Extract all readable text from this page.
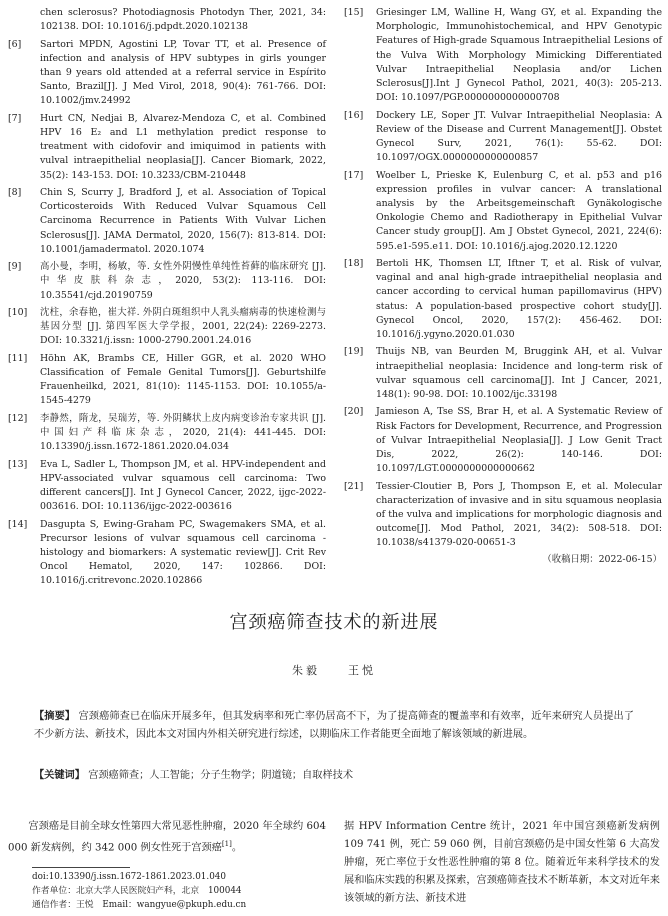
chen sclerosus? Photodiagnosis Photodyn Ther, 2021, 34: 102138. DOI: 10.1016/j.pdpdt.2020.102138
[6]	Sartori MPDN, Agostini LP, Tovar TT, et al. Presence of infection and analysis of HPV subtypes in girls younger than 9 years old attended at a referral service in Espírito Santo, Brazil[J]. J Med Virol, 2018, 90(4): 761-766. DOI: 10.1002/jmv.24992
[7]	Hurt CN, Nedjai B, Alvarez-Mendoza C, et al. Combined HPV 16 E₂ and L1 methylation predict response to treatment with cidofovir and imiquimod in patients with vulval intraepithelial neoplasia[J]. Cancer Biomark, 2022, 35(2): 143-153. DOI: 10.3233/CBM-210448
[8]	Chin S, Scurry J, Bradford J, et al. Association of Topical Corticosteroids With Reduced Vulvar Squamous Cell Carcinoma Recurrence in Patients With Vulvar Lichen Sclerosus[J]. JAMA Dermatol, 2020, 156(7): 813-814. DOI: 10.1001/jamadermatol. 2020.1074
[9]	高小曼，李明，杨敏，等. 女性外阴慢性单纯性苔藓的临床研究 [J]. 中华皮肤科杂志，2020, 53(2): 113-116. DOI: 10.35541/cjd.20190759
[10]	沈柱，余春艳，崔大祥. 外阴白斑组织中人乳头瘤病毒的快速检测与基因分型 [J]. 第四军医大学学报，2001, 22(24): 2269-2273. DOI: 10.3321/j.issn: 1000-2790.2001.24.016
[11]	Höhn AK, Brambs CE, Hiller GGR, et al. 2020 WHO Classification of Female Genital Tumors[J]. Geburtshilfe Frauenheilkd, 2021, 81(10): 1145-1153. DOI: 10.1055/a-1545-4279
[12]	李静然，隋龙，吴瑞芳，等. 外阴鳞状上皮内病变诊治专家共识 [J]. 中国妇产科临床杂志，2020, 21(4): 441-445. DOI: 10.13390/j.issn.1672-1861.2020.04.034
[13]	Eva L, Sadler L, Thompson JM, et al. HPV-independent and HPV-associated vulvar squamous cell carcinoma: Two different cancers[J]. Int J Gynecol Cancer, 2022, ijgc-2022-003616. DOI: 10.1136/ijgc-2022-003616
[14]	Dasgupta S, Ewing-Graham PC, Swagemakers SMA, et al. Precursor lesions of vulvar squamous cell carcinoma - histology and biomarkers: A systematic review[J]. Crit Rev Oncol Hematol, 2020, 147: 102866. DOI: 10.1016/j.critrevonc.2020.102866
[15]	Griesinger LM, Walline H, Wang GY, et al. Expanding the Morphologic, Immunohistochemical, and HPV Genotypic Features of High-grade Squamous Intraepithelial Lesions of the Vulva With Morphology Mimicking Differentiated Vulvar Intraepithelial Neoplasia and/or Lichen Sclerosus[J].Int J Gynecol Pathol, 2021, 40(3): 205-213. DOI: 10.1097/PGP.0000000000000708
[16]	Dockery LE, Soper JT. Vulvar Intraepithelial Neoplasia: A Review of the Disease and Current Management[J]. Obstet Gynecol Surv, 2021, 76(1): 55-62. DOI: 10.1097/OGX.0000000000000857
[17]	Woelber L, Prieske K, Eulenburg C, et al. p53 and p16 expression profiles in vulvar cancer: A translational analysis by the Arbeitsgemeinschaft Gynäkologische Onkologie Chemo and Radiotherapy in Epithelial Vulvar Cancer study group[J]. Am J Obstet Gynecol, 2021, 224(6): 595.e1-595.e11. DOI: 10.1016/j.ajog.2020.12.1220
[18]	Bertoli HK, Thomsen LT, Iftner T, et al. Risk of vulvar, vaginal and anal high-grade intraepithelial neoplasia and cancer according to cervical human papillomavirus (HPV) status: A population-based prospective cohort study[J]. Gynecol Oncol, 2020, 157(2): 456-462. DOI: 10.1016/j.ygyno.2020.01.030
[19]	Thuijs NB, van Beurden M, Bruggink AH, et al. Vulvar intraepithelial neoplasia: Incidence and long-term risk of vulvar squamous cell carcinoma[J]. Int J Cancer, 2021, 148(1): 90-98. DOI: 10.1002/ijc.33198
[20]	Jamieson A, Tse SS, Brar H, et al. A Systematic Review of Risk Factors for Development, Recurrence, and Progression of Vulvar Intraepithelial Neoplasia[J]. J Low Genit Tract Dis, 2022, 26(2): 140-146. DOI: 10.1097/LGT.0000000000000662
[21]	Tessier-Cloutier B, Pors J, Thompson E, et al. Molecular characterization of invasive and in situ squamous neoplasia of the vulva and implications for morphologic diagnosis and outcome[J]. Mod Pathol, 2021, 34(2): 508-518. DOI: 10.1038/s41379-020-00651-3
（收稿日期：2022-06-15）
宫颈癌筛查技术的新进展
朱毅　　王悦
【摘要】 宫颈癌筛查已在临床开展多年，但其发病率和死亡率仍居高不下，为了提高筛查的覆盖率和有效率，近年来研究人员提出了不少新方法、新技术，因此本文对国内外相关研究进行综述，以期临床工作者能更全面地了解该领域的新进展。
【关键词】 宫颈癌筛查；人工智能；分子生物学；阴道镜；自取样技术

宫颈癌是目前全球女性第四大常见恶性肿瘤，2020 年全球约 604 000 新发病例，约 342 000 例女性死于宫颈癌[1]。

据 HPV Information Centre 统计，2021 年中国宫颈癌新发病例 109 741 例，死亡 59 060 例，目前宫颈癌仍是中国女性第 6 大高发肿瘤，死亡率位于女性恶性肿瘤的第 8 位。随着近年来科学技术的发展和临床实践的积累及探索，宫颈癌筛查技术不断革新，本文对近年来该领域的新方法、新技术进

doi:10.13390/j.issn.1672-1861.2023.01.040
作者单位：北京大学人民医院妇产科，北京　100044
通信作者：王悦　Email：wangyue@pkuph.edu.cn
